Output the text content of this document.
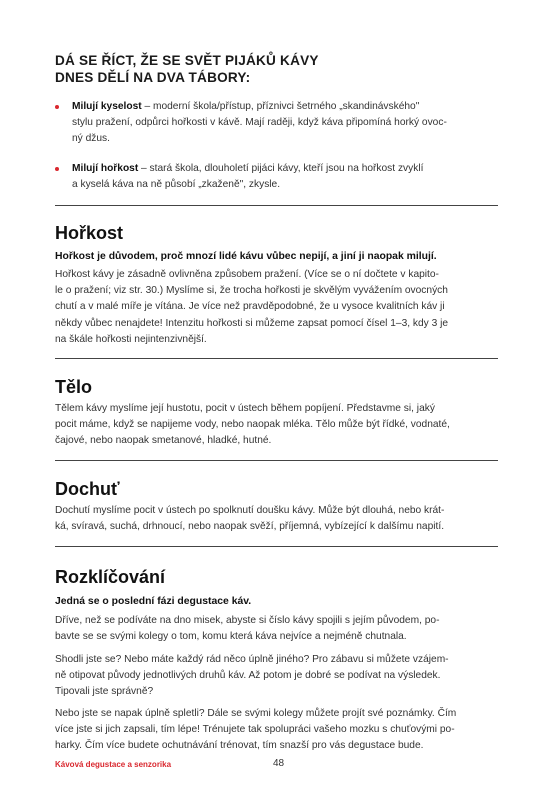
DÁ SE ŘÍCT, ŽE SE SVĚT PIJÁKŮ KÁVY
DNES DĚLÍ NA DVA TÁBORY:
Milují kyselost – moderní škola/přístup, příznivci šetrného „skandinávského"
stylu pražení, odpůrci hořkosti v kávě. Mají raději, když káva připomíná horký ovoc-
ný džus.
Milují hořkost – stará škola, dlouholetí pijáci kávy, kteří jsou na hořkost zvyklí
a kyselá káva na ně působí „zkaženě", zkysle.
Hořkost
Hořkost je důvodem, proč mnozí lidé kávu vůbec nepijí, a jiní ji naopak milují.
Hořkost kávy je zásadně ovlivněna způsobem pražení. (Více se o ní dočtete v kapito-
le o pražení; viz str. 30.) Myslíme si, že trocha hořkosti je skvělým vyvážením ovocných
chutí a v malé míře je vítána. Je více než pravděpodobné, že u vysoce kvalitních káv ji
někdy vůbec nenajdete! Intenzitu hořkosti si můžeme zapsat pomocí čísel 1–3, kdy 3 je
na škále hořkosti nejintenzivnější.
Tělo
Tělem kávy myslíme její hustotu, pocit v ústech během popíjení. Představme si, jaký
pocit máme, když se napijeme vody, nebo naopak mléka. Tělo může být řídké, vodnaté,
čajové, nebo naopak smetanové, hladké, hutné.
Dochuť
Dochutí myslíme pocit v ústech po spolknutí doušku kávy. Může být dlouhá, nebo krát-
ká, svíravá, suchá, drhnoucí, nebo naopak svěží, příjemná, vybízející k dalšímu napití.
Rozklíčování
Jedná se o poslední fázi degustace káv.
Dříve, než se podíváte na dno misek, abyste si číslo kávy spojili s jejím původem, po-
bavte se se svými kolegy o tom, komu která káva nejvíce a nejméně chutnala.
Shodli jste se? Nebo máte každý rád něco úplně jiného? Pro zábavu si můžete vzájem-
ně otipovat původy jednotlivých druhů káv. Až potom je dobré se podívat na výsledek.
Tipovali jste správně?
Nebo jste se napak úplně spletli? Dále se svými kolegy můžete projít své poznámky. Čím
více jste si jich zapsali, tím lépe! Trénujete tak spolupráci vašeho mozku s chuťovými po-
harky. Čím více budete ochutnávání trénovat, tím snazší pro vás degustace bude.
Kávová degustace a senzorika	48
